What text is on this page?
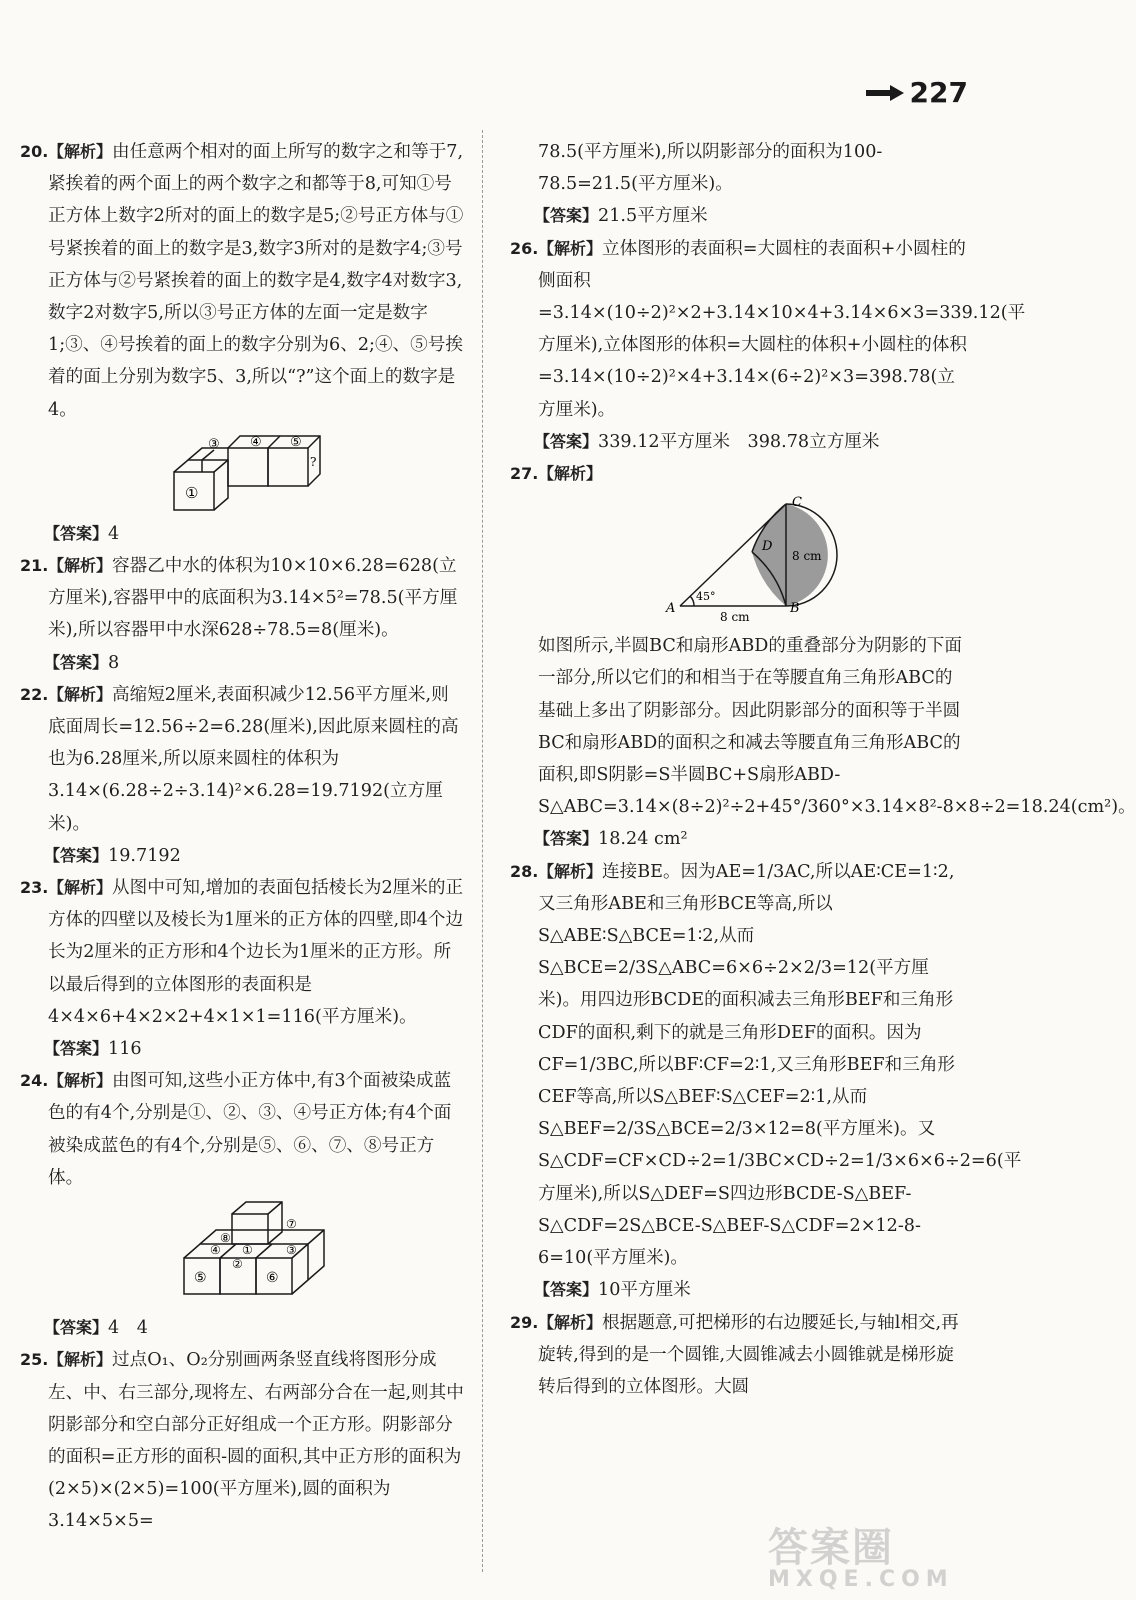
227
20. 【解析】由任意两个相对的面上所写的数字之和等于7,紧挨着的两个面上的两个数字之和都等于8,可知①号正方体上数字2所对的面上的数字是5;②号正方体与①号紧挨着的面上的数字是3,数字3所对的是数字4;③号正方体与②号紧挨着的面上的数字是4,数字4对数字3,数字2对数字5,所以③号正方体的左面一定是数字1;③、④号挨着的面上的数字分别为6、2;④、⑤号挨着的面上分别为数字5、3,所以“?”这个面上的数字是4。

①
③ ④ ⑤
?
【答案】4
21. 【解析】容器乙中水的体积为10×10×6.28=628(立方厘米),容器甲中的底面积为3.14×5²=78.5(平方厘米),所以容器甲中水深628÷78.5=8(厘米)。

【答案】8
22. 【解析】高缩短2厘米,表面积减少12.56平方厘米,则底面周长=12.56÷2=6.28(厘米),因此原来圆柱的高也为6.28厘米,所以原来圆柱的体积为3.14×(6.28÷2÷3.14)²×6.28=19.7192(立方厘米)。

【答案】19.7192
23. 【解析】从图中可知,增加的表面包括棱长为2厘米的正方体的四壁以及棱长为1厘米的正方体的四壁,即4个边长为2厘米的正方形和4个边长为1厘米的正方形。所以最后得到的立体图形的表面积是4×4×6+4×2×2+4×1×1=116(平方厘米)。

【答案】116
24. 【解析】由图可知,这些小正方体中,有3个面被染成蓝色的有4个,分别是①、②、③、④号正方体;有4个面被染成蓝色的有4个,分别是⑤、⑥、⑦、⑧号正方体。

⑧
⑦
④	③
①
②
⑤	⑥
【答案】4　4
25. 【解析】过点O₁、O₂分别画两条竖直线将图形分成左、中、右三部分,现将左、右两部分合在一起,则其中阴影部分和空白部分正好组成一个正方形。阴影部分的面积=正方形的面积-圆的面积,其中正方形的面积为(2×5)×(2×5)=100(平方厘米),圆的面积为3.14×5×5=

78.5(平方厘米),所以阴影部分的面积为100-78.5=21.5(平方厘米)。

【答案】21.5平方厘米
26. 【解析】立体图形的表面积=大圆柱的表面积+小圆柱的侧面积=3.14×(10÷2)²×2+3.14×10×4+3.14×6×3=339.12(平方厘米),立体图形的体积=大圆柱的体积+小圆柱的体积=3.14×(10÷2)²×4+3.14×(6÷2)²×3=398.78(立方厘米)。

【答案】339.12平方厘米　398.78立方厘米
27. 【解析】

C
D
A	B
45°
8 cm
8 cm

如图所示,半圆BC和扇形ABD的重叠部分为阴影的下面一部分,所以它们的和相当于在等腰直角三角形ABC的基础上多出了阴影部分。因此阴影部分的面积等于半圆BC和扇形ABD的面积之和减去等腰直角三角形ABC的面积,即S阴影=S半圆BC+S扇形ABD-S△ABC=3.14×(8÷2)²÷2+45°/360°×3.14×8²-8×8÷2=18.24(cm²)。

【答案】18.24 cm²
28. 【解析】连接BE。因为AE=1/3AC,所以AE∶CE=1∶2,又三角形ABE和三角形BCE等高,所以S△ABE∶S△BCE=1∶2,从而S△BCE=2/3S△ABC=6×6÷2×2/3=12(平方厘米)。用四边形BCDE的面积减去三角形BEF和三角形CDF的面积,剩下的就是三角形DEF的面积。因为CF=1/3BC,所以BF∶CF=2∶1,又三角形BEF和三角形CEF等高,所以S△BEF∶S△CEF=2∶1,从而S△BEF=2/3S△BCE=2/3×12=8(平方厘米)。又S△CDF=CF×CD÷2=1/3BC×CD÷2=1/3×6×6÷2=6(平方厘米),所以S△DEF=S四边形BCDE-S△BEF-S△CDF=2S△BCE-S△BEF-S△CDF=2×12-8-6=10(平方厘米)。

【答案】10平方厘米
29. 【解析】根据题意,可把梯形的右边腰延长,与轴l相交,再旋转,得到的是一个圆锥,大圆锥减去小圆锥就是梯形旋转后得到的立体图形。大圆

答案圈
MXQE.COM
